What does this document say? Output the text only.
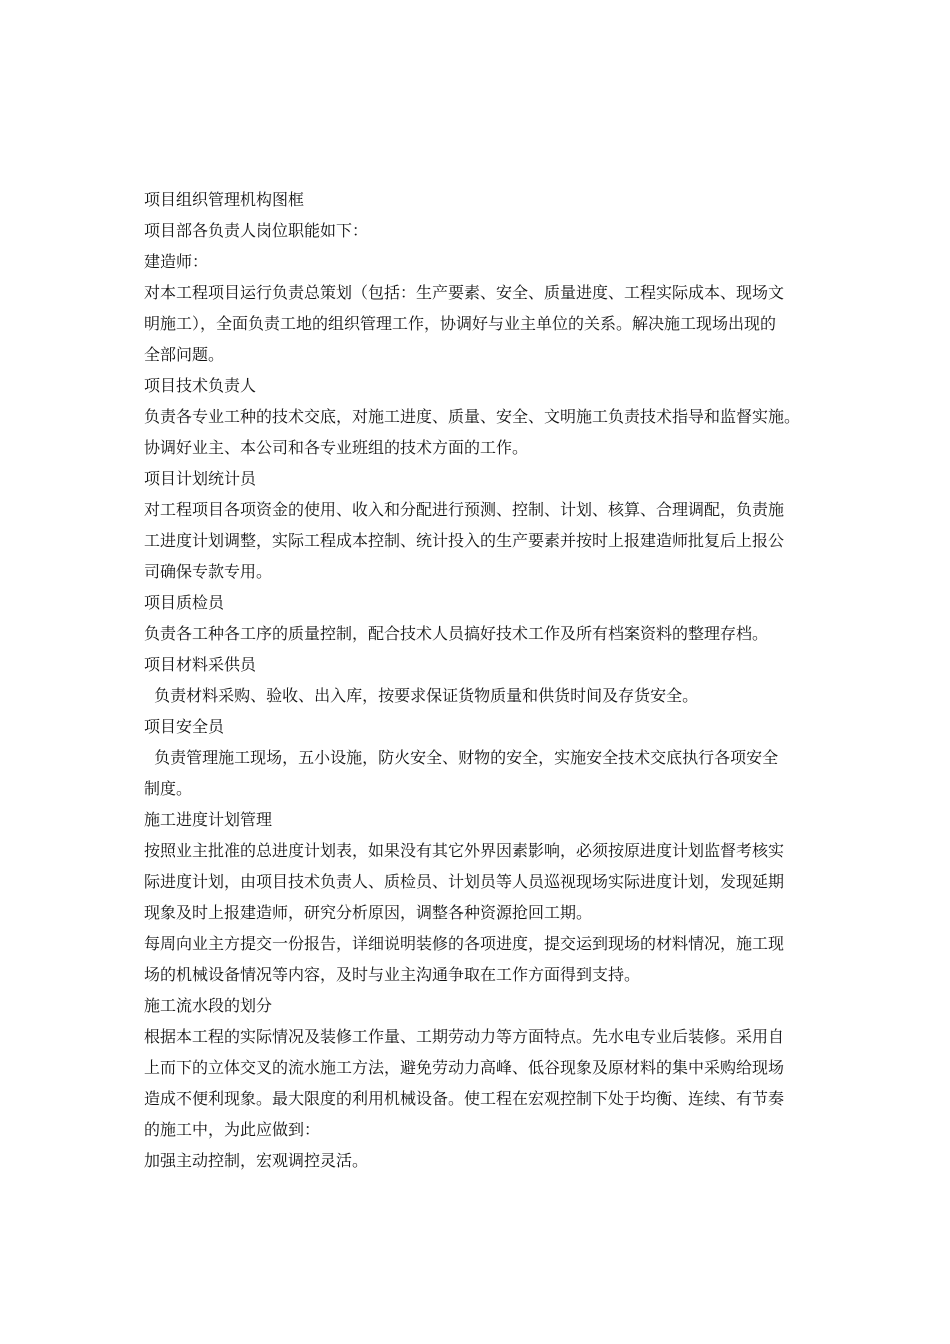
项目组织管理机构图框

项目部各负责人岗位职能如下：

建造师：

对本工程项目运行负责总策划（包括：生产要素、安全、质量进度、工程实际成本、现场文

明施工），全面负责工地的组织管理工作，协调好与业主单位的关系。解决施工现场出现的

全部问题。

项目技术负责人

负责各专业工种的技术交底，对施工进度、质量、安全、文明施工负责技术指导和监督实施。

协调好业主、本公司和各专业班组的技术方面的工作。

项目计划统计员

对工程项目各项资金的使用、收入和分配进行预测、控制、计划、核算、合理调配，负责施

工进度计划调整，实际工程成本控制、统计投入的生产要素并按时上报建造师批复后上报公

司确保专款专用。

项目质检员

负责各工种各工序的质量控制，配合技术人员搞好技术工作及所有档案资料的整理存档。

项目材料采供员

负责材料采购、验收、出入库，按要求保证货物质量和供货时间及存货安全。

项目安全员

负责管理施工现场，五小设施，防火安全、财物的安全，实施安全技术交底执行各项安全

制度。

施工进度计划管理

按照业主批准的总进度计划表，如果没有其它外界因素影响，必须按原进度计划监督考核实

际进度计划，由项目技术负责人、质检员、计划员等人员巡视现场实际进度计划，发现延期

现象及时上报建造师，研究分析原因，调整各种资源抢回工期。

每周向业主方提交一份报告，详细说明装修的各项进度，提交运到现场的材料情况，施工现

场的机械设备情况等内容，及时与业主沟通争取在工作方面得到支持。

施工流水段的划分

根据本工程的实际情况及装修工作量、工期劳动力等方面特点。先水电专业后装修。采用自

上而下的立体交叉的流水施工方法，避免劳动力高峰、低谷现象及原材料的集中采购给现场

造成不便利现象。最大限度的利用机械设备。使工程在宏观控制下处于均衡、连续、有节奏

的施工中，为此应做到：

加强主动控制，宏观调控灵活。
